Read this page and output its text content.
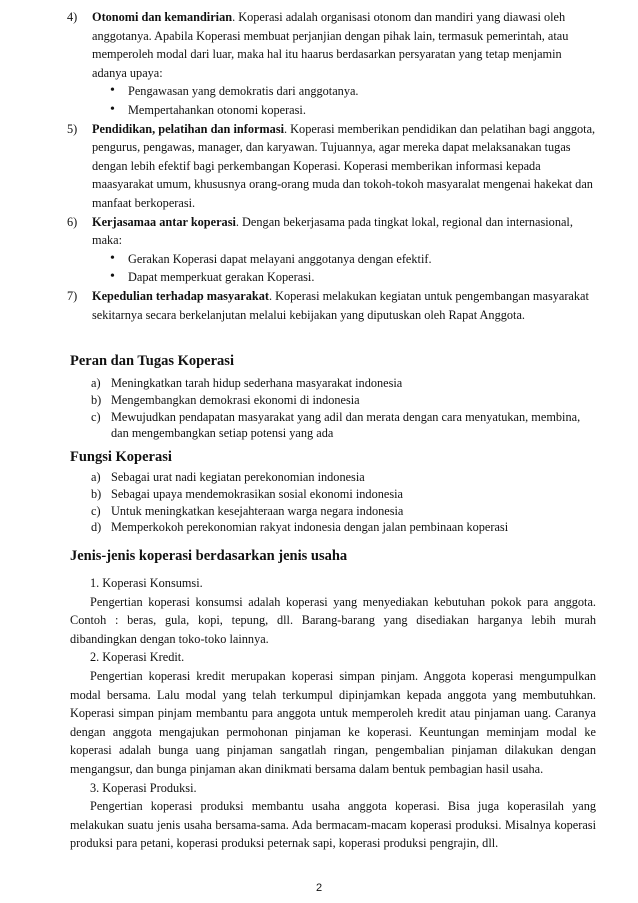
4) Otonomi dan kemandirian. Koperasi adalah organisasi otonom dan mandiri yang diawasi oleh anggotanya. Apabila Koperasi membuat perjanjian dengan pihak lain, termasuk pemerintah, atau memperoleh modal dari luar, maka hal itu haarus berdasarkan persyaratan yang tetap menjamin adanya upaya:
• Pengawasan yang demokratis dari anggotanya.
• Mempertahankan otonomi koperasi.
5) Pendidikan, pelatihan dan informasi. Koperasi memberikan pendidikan dan pelatihan bagi anggota, pengurus, pengawas, manager, dan karyawan. Tujuannya, agar mereka dapat melaksanakan tugas dengan lebih efektif bagi perkembangan Koperasi. Koperasi memberikan informasi kepada maasyarakat umum, khususnya orang-orang muda dan tokoh-tokoh masyaralat mengenai hakekat dan manfaat berkoperasi.
6) Kerjasamaa antar koperasi. Dengan bekerjasama pada tingkat lokal, regional dan internasional, maka:
• Gerakan Koperasi dapat melayani anggotanya dengan efektif.
• Dapat memperkuat gerakan Koperasi.
7) Kepedulian terhadap masyarakat. Koperasi melakukan kegiatan untuk pengembangan masyarakat sekitarnya secara berkelanjutan melalui kebijakan yang diputuskan oleh Rapat Anggota.
Peran dan Tugas Koperasi
a) Meningkatkan tarah hidup sederhana masyarakat indonesia
b) Mengembangkan demokrasi ekonomi di indonesia
c) Mewujudkan pendapatan masyarakat yang adil dan merata dengan cara menyatukan, membina, dan mengembangkan setiap potensi yang ada
Fungsi Koperasi
a) Sebagai urat nadi kegiatan perekonomian indonesia
b) Sebagai upaya mendemokrasikan sosial ekonomi indonesia
c) Untuk meningkatkan kesejahteraan warga negara indonesia
d) Memperkokoh perekonomian rakyat indonesia dengan jalan pembinaan koperasi
Jenis-jenis koperasi berdasarkan jenis usaha
1. Koperasi Konsumsi.
Pengertian koperasi konsumsi adalah koperasi yang menyediakan kebutuhan pokok para anggota. Contoh : beras, gula, kopi, tepung, dll. Barang-barang yang disediakan harganya lebih murah dibandingkan dengan toko-toko lainnya.
2. Koperasi Kredit.
Pengertian koperasi kredit merupakan koperasi simpan pinjam. Anggota koperasi mengumpulkan modal bersama. Lalu modal yang telah terkumpul dipinjamkan kepada anggota yang membutuhkan. Koperasi simpan pinjam membantu para anggota untuk memperoleh kredit atau pinjaman uang. Caranya dengan anggota mengajukan permohonan pinjaman ke koperasi. Keuntungan meminjam modal ke koperasi adalah bunga uang pinjaman sangatlah ringan, pengembalian pinjaman dilakukan dengan mengangsur, dan bunga pinjaman akan dinikmati bersama dalam bentuk pembagian hasil usaha.
3. Koperasi Produksi.
Pengertian koperasi produksi membantu usaha anggota koperasi. Bisa juga koperasilah yang melakukan suatu jenis usaha bersama-sama. Ada bermacam-macam koperasi produksi. Misalnya koperasi produksi para petani, koperasi produksi peternak sapi, koperasi produksi pengrajin, dll.
2
